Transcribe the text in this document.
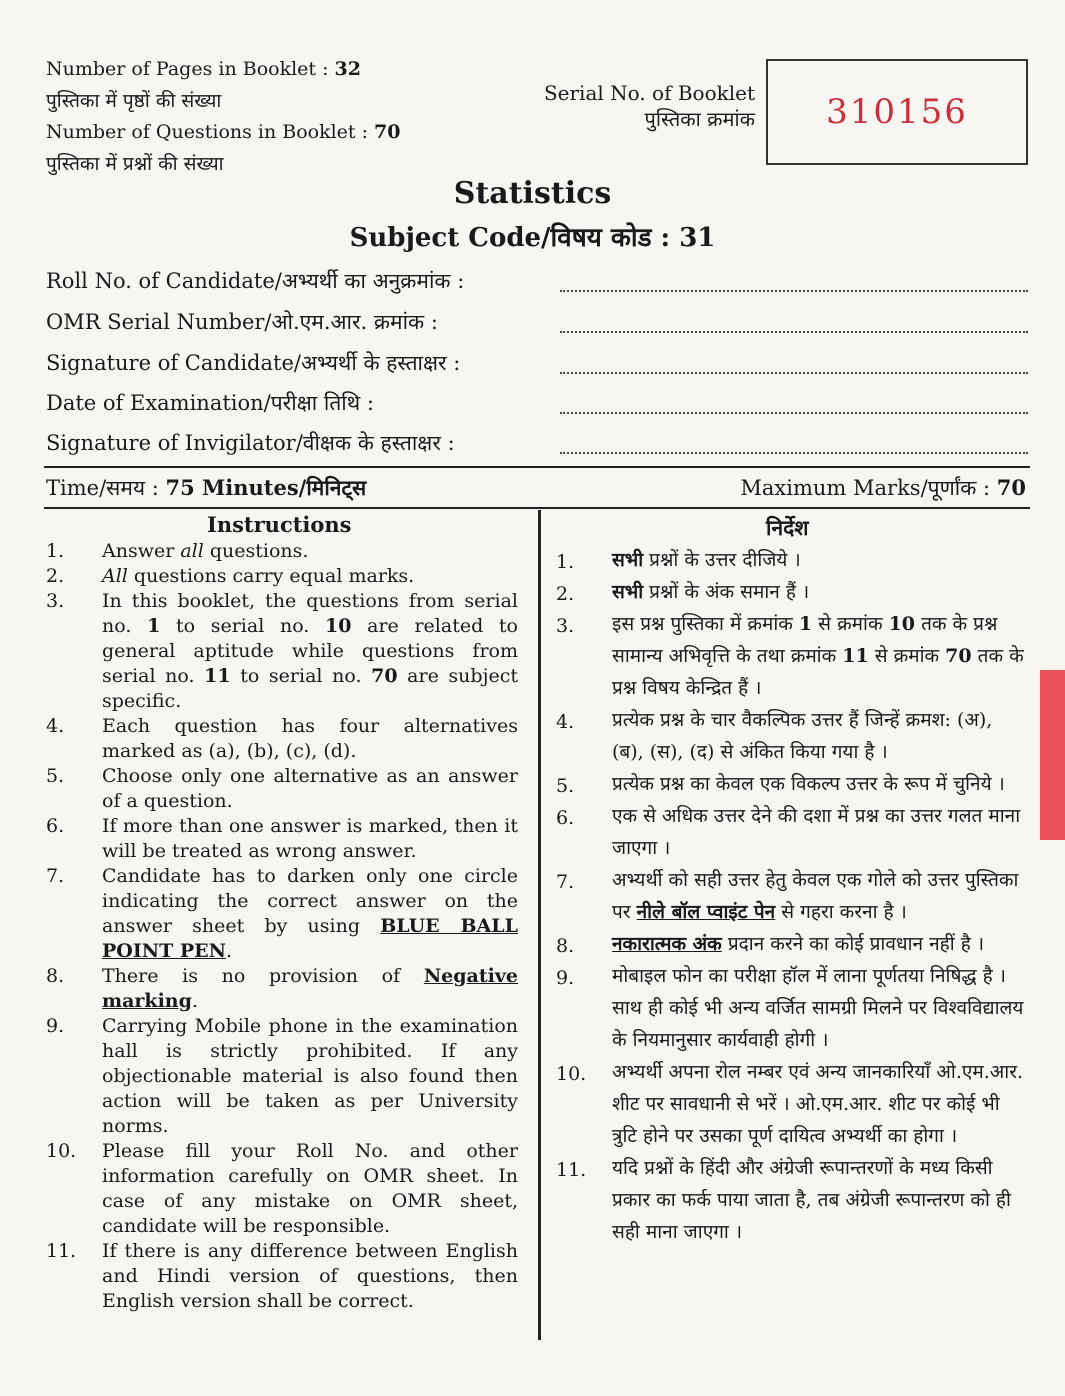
Number of Pages in Booklet : 32
पुस्तिका में पृष्ठों की संख्या
Number of Questions in Booklet : 70
पुस्तिका में प्रश्नों की संख्या
Serial No. of Booklet
पुस्तिका क्रमांक	310156
Statistics
Subject Code/विषय कोड : 31
Roll No. of Candidate/अभ्यर्थी का अनुक्रमांक :
OMR Serial Number/ओ.एम.आर. क्रमांक :
Signature of Candidate/अभ्यर्थी के हस्ताक्षर :
Date of Examination/परीक्षा तिथि :
Signature of Invigilator/वीक्षक के हस्ताक्षर :
Time/समय : 75 Minutes/मिनिट्स	Maximum Marks/पूर्णांक : 70
Instructions	निर्देश
1. Answer all questions.
2. All questions carry equal marks.
3. In this booklet, the questions from serial no. 1 to serial no. 10 are related to general aptitude while questions from serial no. 11 to serial no. 70 are subject specific.
4. Each question has four alternatives marked as (a), (b), (c), (d).
5. Choose only one alternative as an answer of a question.
6. If more than one answer is marked, then it will be treated as wrong answer.
7. Candidate has to darken only one circle indicating the correct answer on the answer sheet by using BLUE BALL POINT PEN.
8. There is no provision of Negative marking.
9. Carrying Mobile phone in the examination hall is strictly prohibited. If any objectionable material is also found then action will be taken as per University norms.
10. Please fill your Roll No. and other information carefully on OMR sheet. In case of any mistake on OMR sheet, candidate will be responsible.
11. If there is any difference between English and Hindi version of questions, then English version shall be correct.
1. सभी प्रश्नों के उत्तर दीजिये ।
2. सभी प्रश्नों के अंक समान हैं ।
3. इस प्रश्न पुस्तिका में क्रमांक 1 से क्रमांक 10 तक के प्रश्न सामान्य अभिवृत्ति के तथा क्रमांक 11 से क्रमांक 70 तक के प्रश्न विषय केन्द्रित हैं ।
4. प्रत्येक प्रश्न के चार वैकल्पिक उत्तर हैं जिन्हें क्रमश: (अ), (ब), (स), (द) से अंकित किया गया है ।
5. प्रत्येक प्रश्न का केवल एक विकल्प उत्तर के रूप में चुनिये ।
6. एक से अधिक उत्तर देने की दशा में प्रश्न का उत्तर गलत माना जाएगा ।
7. अभ्यर्थी को सही उत्तर हेतु केवल एक गोले को उत्तर पुस्तिका पर नीले बॉल प्वाइंट पेन से गहरा करना है ।
8. नकारात्मक अंक प्रदान करने का कोई प्रावधान नहीं है ।
9. मोबाइल फोन का परीक्षा हॉल में लाना पूर्णतया निषिद्ध है । साथ ही कोई भी अन्य वर्जित सामग्री मिलने पर विश्वविद्यालय के नियमानुसार कार्यवाही होगी ।
10. अभ्यर्थी अपना रोल नम्बर एवं अन्य जानकारियाँ ओ.एम.आर. शीट पर सावधानी से भरें । ओ.एम.आर. शीट पर कोई भी त्रुटि होने पर उसका पूर्ण दायित्व अभ्यर्थी का होगा ।
11. यदि प्रश्नों के हिंदी और अंग्रेजी रूपान्तरणों के मध्य किसी प्रकार का फर्क पाया जाता है, तब अंग्रेजी रूपान्तरण को ही सही माना जाएगा ।
